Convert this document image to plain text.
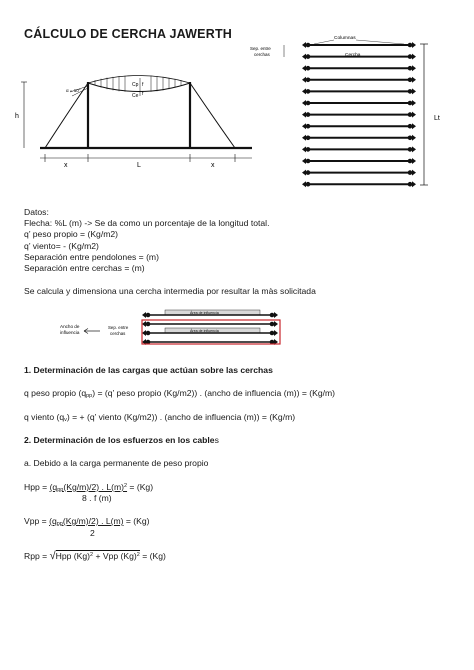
CÁLCULO DE CERCHA JAWERTH
α = 10°
Cp
Ce
f
f
h
x	L	x
Columnas
Cercha
Sep. entre
cerchas
Lt
Datos:
Flecha: %L (m) -> Se da como un porcentaje de la longitud total.
q’ peso propio = (Kg/m2)
q’ viento= - (Kg/m2)
Separación entre pendolones = (m)
Separación entre cerchas = (m)
Se calcula y dimensiona una cercha intermedia por resultar la màs solicitada
Área de influencia
Área de influencia
Ancho de
influencia
Sep. entre
cerchas
1. Determinación de las cargas que actúan sobre las cerchas
q peso propio (qpp) = (q’ peso propio (Kg/m2)) . (ancho de influencia (m)) = (Kg/m)
q viento (qv) = + (q’ viento (Kg/m2)) . (ancho de influencia (m)) = (Kg/m)
2. Determinación de los esfuerzos en los cables
a. Debido a la carga permanente de peso propio
Hpp = (qpp(Kg/m)/2) . $L(m)^2 = (Kg)$
8 . f (m)
Vpp = (qpp(Kg/m)/2) . L(m) = (Kg)
2
Rpp = √Hpp $(Kg)^2$ + Vpp $(Kg)^2 = (Kg)$
